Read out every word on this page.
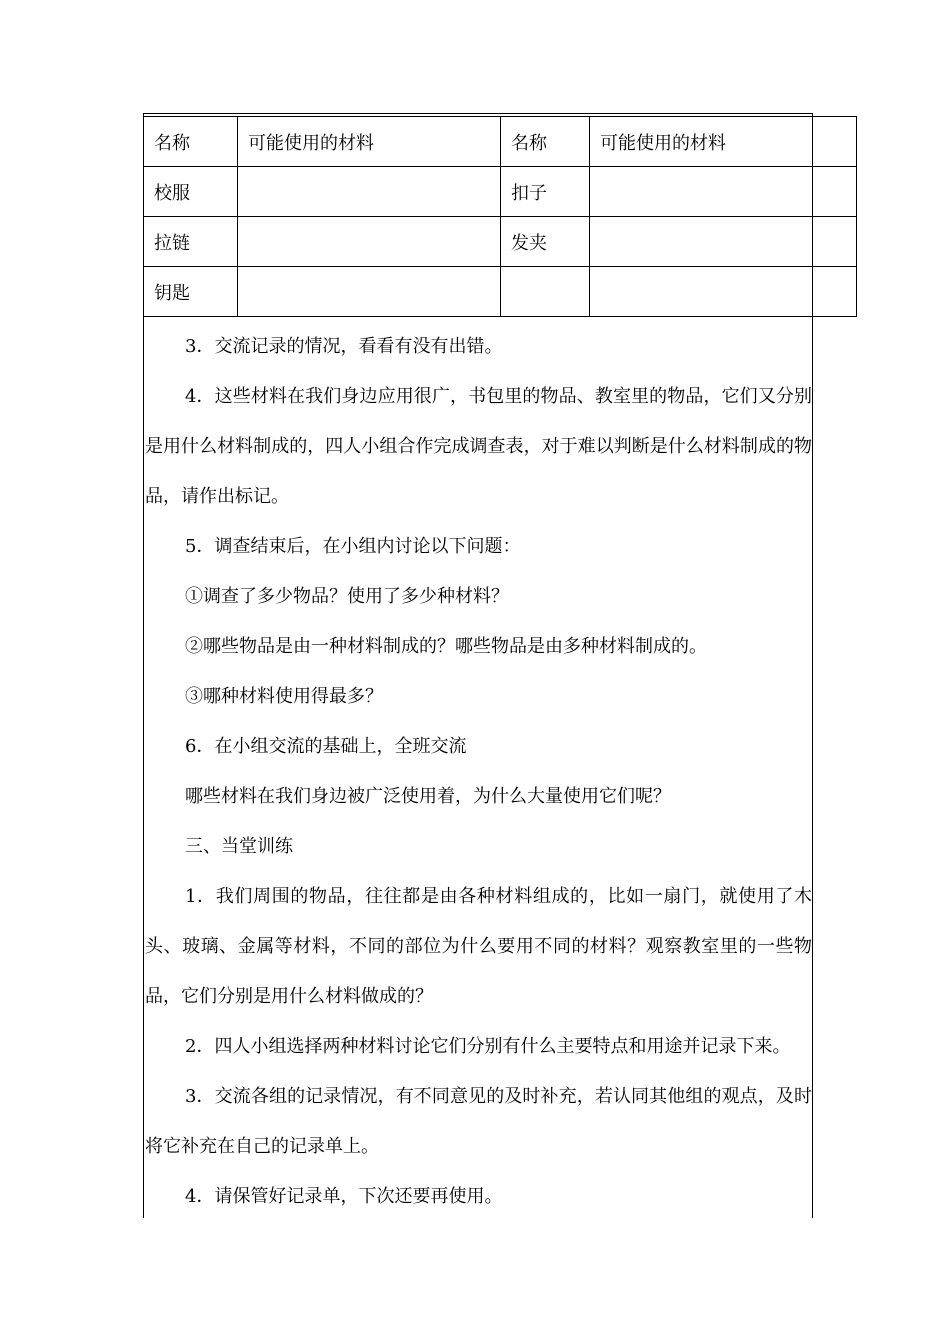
名称	可能使用的材料	名称	可能使用的材料	
校服		扣子		
拉链		发夹		
钥匙				

3．交流记录的情况，看看有没有出错。

4．这些材料在我们身边应用很广，书包里的物品、教室里的物品，它们又分别是用什么材料制成的，四人小组合作完成调查表，对于难以判断是什么材料制成的物品，请作出标记。

5．调查结束后，在小组内讨论以下问题：

①调查了多少物品？使用了多少种材料？

②哪些物品是由一种材料制成的？哪些物品是由多种材料制成的。

③哪种材料使用得最多？

6．在小组交流的基础上，全班交流

哪些材料在我们身边被广泛使用着，为什么大量使用它们呢？

三、当堂训练

1．我们周围的物品，往往都是由各种材料组成的，比如一扇门，就使用了木头、玻璃、金属等材料，不同的部位为什么要用不同的材料？观察教室里的一些物品，它们分别是用什么材料做成的？

2．四人小组选择两种材料讨论它们分别有什么主要特点和用途并记录下来。

3．交流各组的记录情况，有不同意见的及时补充，若认同其他组的观点，及时将它补充在自己的记录单上。

4．请保管好记录单，下次还要再使用。
